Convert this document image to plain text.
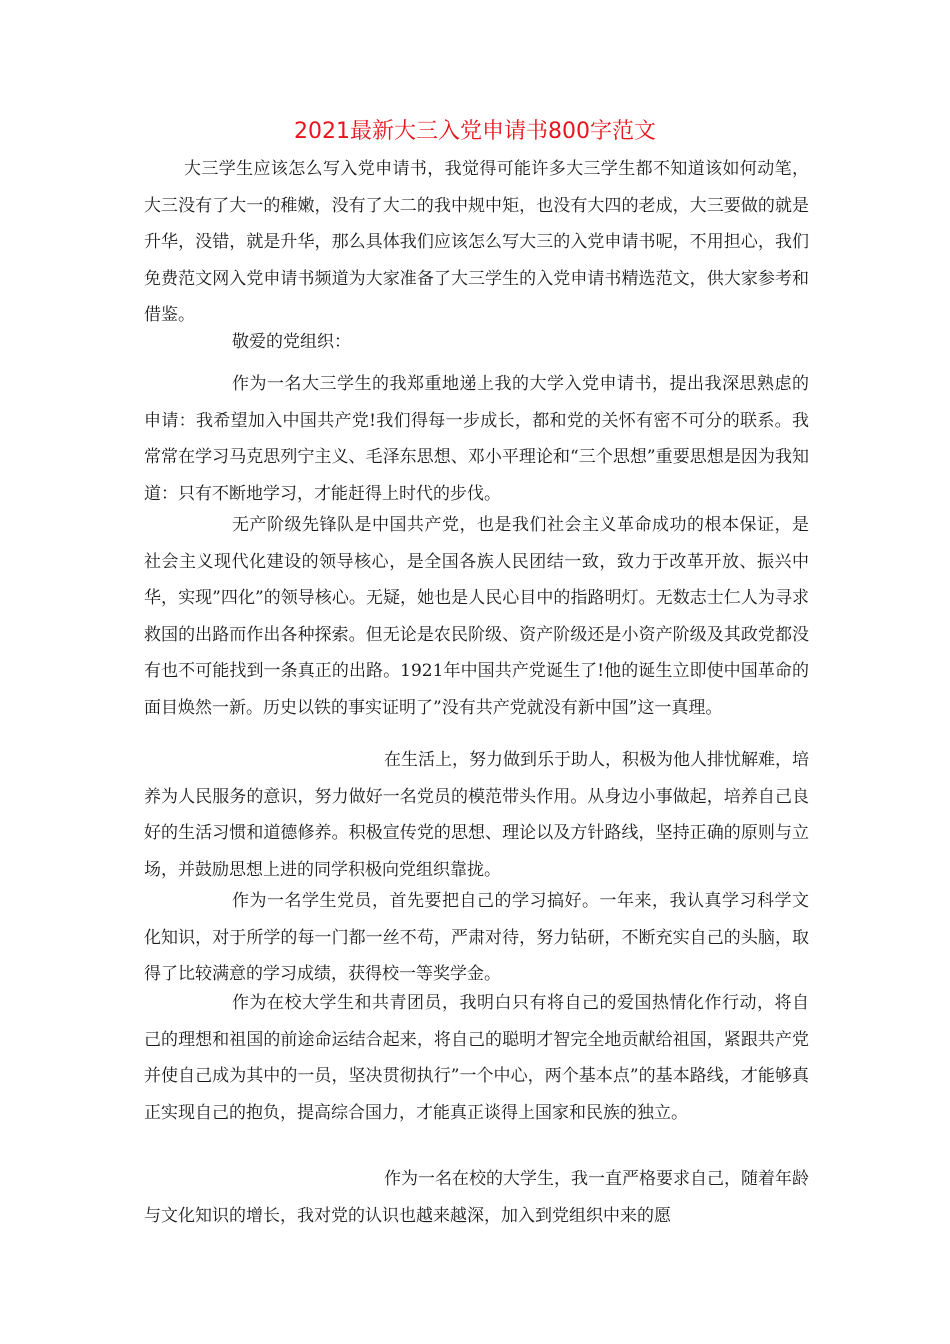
2021最新大三入党申请书800字范文

大三学生应该怎么写入党申请书，我觉得可能许多大三学生都不知道该如何动笔，大三没有了大一的稚嫩，没有了大二的我中规中矩，也没有大四的老成，大三要做的就是升华，没错，就是升华，那么具体我们应该怎么写大三的入党申请书呢，不用担心，我们免费范文网入党申请书频道为大家准备了大三学生的入党申请书精选范文，供大家参考和借鉴。

敬爱的党组织：

作为一名大三学生的我郑重地递上我的大学入党申请书，提出我深思熟虑的申请：我希望加入中国共产党!我们得每一步成长，都和党的关怀有密不可分的联系。我常常在学习马克思列宁主义、毛泽东思想、邓小平理论和“三个思想”重要思想是因为我知道：只有不断地学习，才能赶得上时代的步伐。

无产阶级先锋队是中国共产党，也是我们社会主义革命成功的根本保证，是社会主义现代化建设的领导核心，是全国各族人民团结一致，致力于改革开放、振兴中华，实现”四化”的领导核心。无疑，她也是人民心目中的指路明灯。无数志士仁人为寻求救国的出路而作出各种探索。但无论是农民阶级、资产阶级还是小资产阶级及其政党都没有也不可能找到一条真正的出路。1921年中国共产党诞生了!他的诞生立即使中国革命的面目焕然一新。历史以铁的事实证明了”没有共产党就没有新中国”这一真理。

在生活上，努力做到乐于助人，积极为他人排忧解难，培养为人民服务的意识，努力做好一名党员的模范带头作用。从身边小事做起，培养自己良好的生活习惯和道德修养。积极宣传党的思想、理论以及方针路线，坚持正确的原则与立场，并鼓励思想上进的同学积极向党组织靠拢。

作为一名学生党员，首先要把自己的学习搞好。一年来，我认真学习科学文化知识，对于所学的每一门都一丝不苟，严肃对待，努力钻研，不断充实自己的头脑，取得了比较满意的学习成绩，获得校一等奖学金。

作为在校大学生和共青团员，我明白只有将自己的爱国热情化作行动，将自己的理想和祖国的前途命运结合起来，将自己的聪明才智完全地贡献给祖国，紧跟共产党并使自己成为其中的一员，坚决贯彻执行”一个中心，两个基本点”的基本路线，才能够真正实现自己的抱负，提高综合国力，才能真正谈得上国家和民族的独立。

作为一名在校的大学生，我一直严格要求自己，随着年龄与文化知识的增长，我对党的认识也越来越深，加入到党组织中来的愿
